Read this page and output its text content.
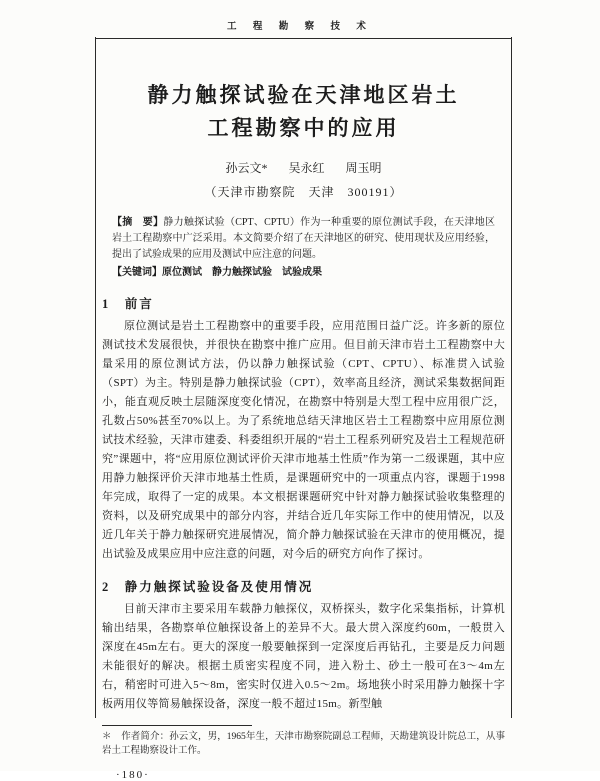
工 程 勘 察 技 术
静力触探试验在天津地区岩土
工程勘察中的应用
孙云文* 吴永红 周玉明
（天津市勘察院　天津　300191）

【摘　要】静力触探试验（CPT、CPTU）作为一种重要的原位测试手段，在天津地区岩土工程勘察中广泛采用。本文简要介绍了在天津地区的研究、使用现状及应用经验，提出了试验成果的应用及测试中应注意的问题。

【关键词】原位测试　静力触探试验　试验成果

1　前言

原位测试是岩土工程勘察中的重要手段，应用范围日益广泛。许多新的原位测试技术发展很快，并很快在勘察中推广应用。但目前天津市岩土工程勘察中大量采用的原位测试方法，仍以静力触探试验（CPT、CPTU）、标准贯入试验（SPT）为主。特别是静力触探试验（CPT），效率高且经济，测试采集数据间距小，能直观反映土层随深度变化情况，在勘察中特别是大型工程中应用很广泛，孔数占50%甚至70%以上。为了系统地总结天津地区岩土工程勘察中应用原位测试技术经验，天津市建委、科委组织开展的“岩土工程系列研究及岩土工程规范研究”课题中，将“应用原位测试评价天津市地基土性质”作为第一二级课题，其中应用静力触探评价天津市地基土性质，是课题研究中的一项重点内容，课题于1998年完成，取得了一定的成果。本文根据课题研究中针对静力触探试验收集整理的资料，以及研究成果中的部分内容，并结合近几年实际工作中的使用情况，以及近几年关于静力触探研究进展情况，简介静力触探试验在天津市的使用概况，提出试验及成果应用中应注意的问题，对今后的研究方向作了探讨。

2　静力触探试验设备及使用情况

目前天津市主要采用车载静力触探仪，双桥探头，数字化采集指标，计算机输出结果，各勘察单位触探设备上的差异不大。最大贯入深度约60m，一般贯入深度在45m左右。更大的深度一般要触探到一定深度后再钻孔，主要是反力问题未能很好的解决。根据土质密实程度不同，进入粉土、砂土一般可在3～4m左右，稍密时可进入5～8m，密实时仅进入0.5～2m。场地狭小时采用静力触探十字板两用仪等简易触探设备，深度一般不超过15m。新型触

＊　作者简介：孙云文，男，1965年生，天津市勘察院副总工程师，天勘建筑设计院总工，从事岩土工程勘察设计工作。
·180·
